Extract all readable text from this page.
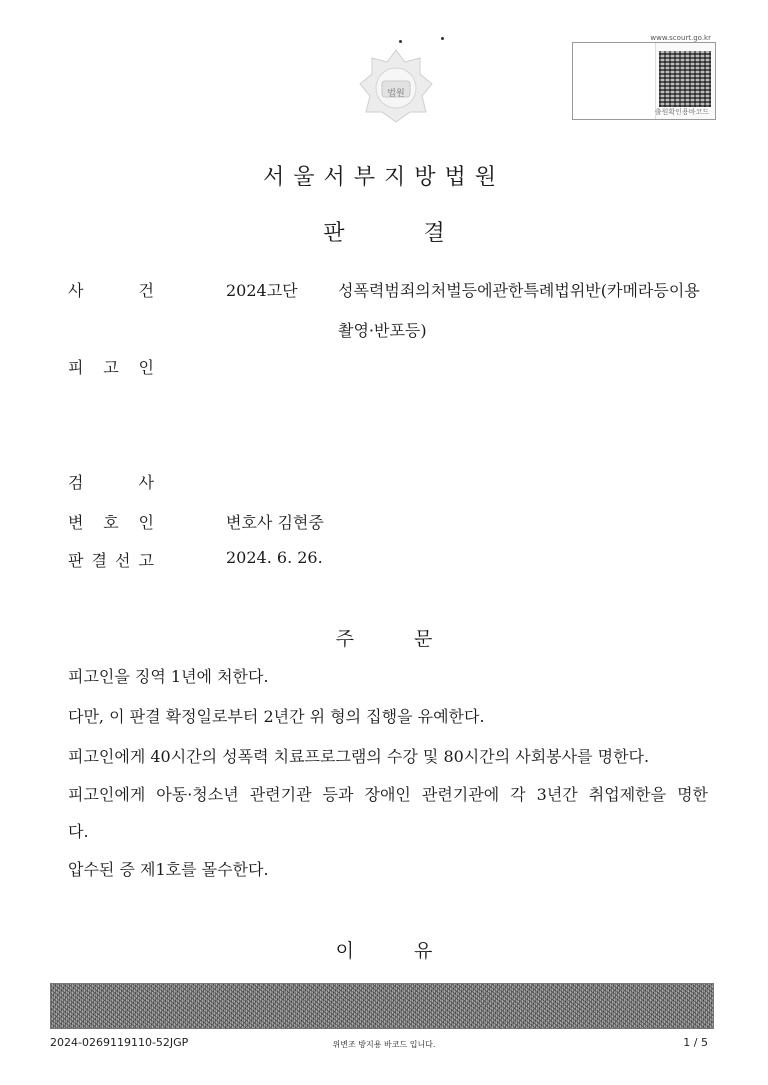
법원
www.scourt.go.kr
출원확인용바코드
서울서부지방법원
판 결
사	건	2024고단	성폭력범죄의처벌등에관한특례법위반(카메라등이용
촬영·반포등)
피 고 인
검	사
변 호 인	변호사 김현중
판 결 선 고	2024. 6. 26.
주 문
피고인을 징역 1년에 처한다.
다만, 이 판결 확정일로부터 2년간 위 형의 집행을 유예한다.
피고인에게 40시간의 성폭력 치료프로그램의 수강 및 80시간의 사회봉사를 명한다.
피고인에게 아동·청소년 관련기관 등과 장애인 관련기관에 각 3년간 취업제한을 명한
다.
압수된 증 제1호를 몰수한다.
이 유
2024-0269119110-52JGP	위변조 방지용 바코드 입니다.	1 / 5
